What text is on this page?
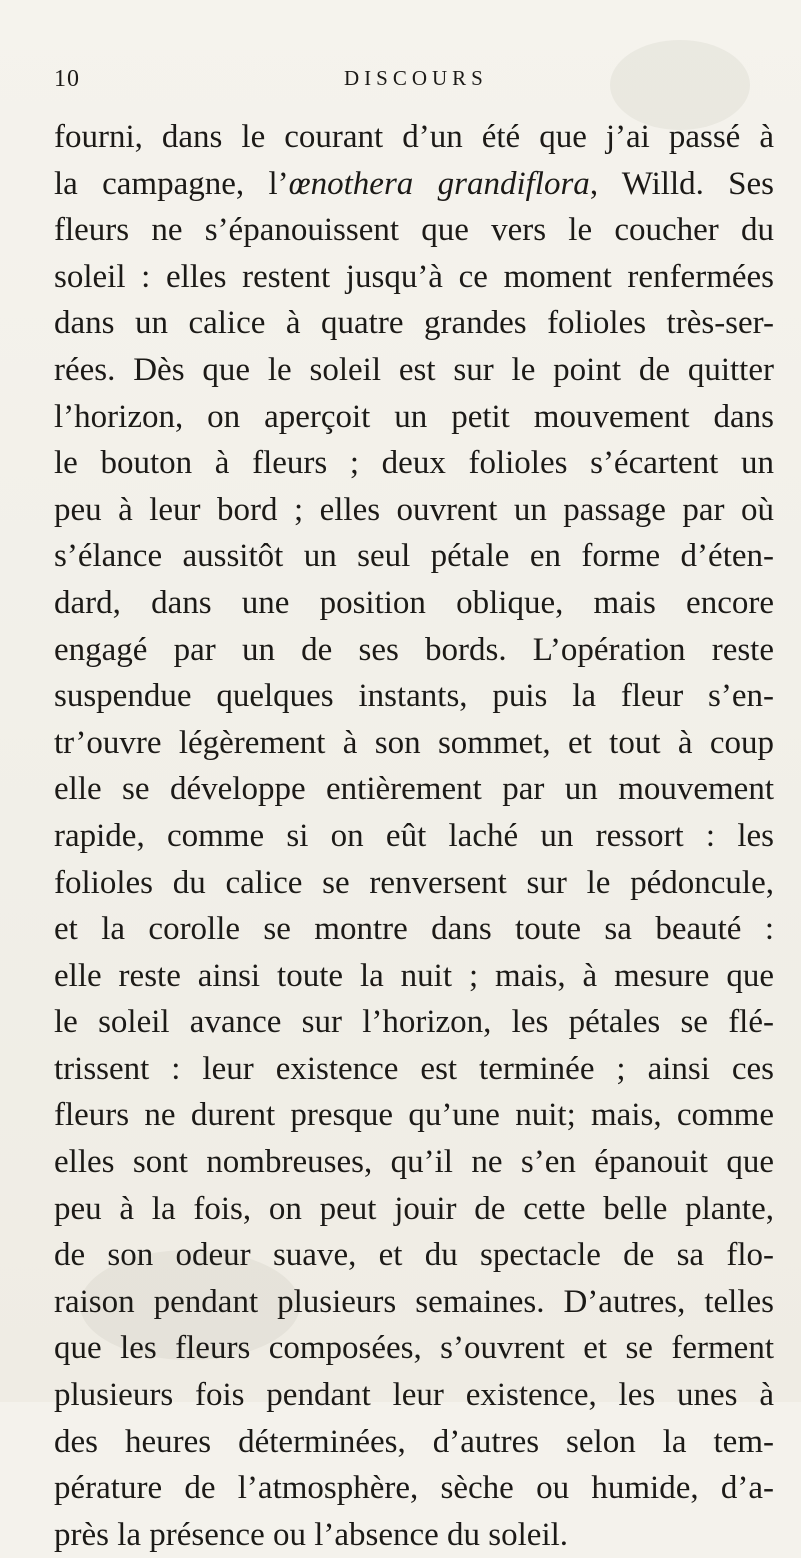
10	DISCOURS
fourni, dans le courant d’un été que j’ai passé à
la campagne, l’œnothera grandiflora, Willd. Ses
fleurs ne s’épanouissent que vers le coucher du
soleil : elles restent jusqu’à ce moment renfermées
dans un calice à quatre grandes folioles très-ser-
rées. Dès que le soleil est sur le point de quitter
l’horizon, on aperçoit un petit mouvement dans
le bouton à fleurs ; deux folioles s’écartent un
peu à leur bord ; elles ouvrent un passage par où
s’élance aussitôt un seul pétale en forme d’éten-
dard, dans une position oblique, mais encore
engagé par un de ses bords. L’opération reste
suspendue quelques instants, puis la fleur s’en-
tr’ouvre légèrement à son sommet, et tout à coup
elle se développe entièrement par un mouvement
rapide, comme si on eût laché un ressort : les
folioles du calice se renversent sur le pédoncule,
et la corolle se montre dans toute sa beauté :
elle reste ainsi toute la nuit ; mais, à mesure que
le soleil avance sur l’horizon, les pétales se flé-
trissent : leur existence est terminée ; ainsi ces
fleurs ne durent presque qu’une nuit; mais, comme
elles sont nombreuses, qu’il ne s’en épanouit que
peu à la fois, on peut jouir de cette belle plante,
de son odeur suave, et du spectacle de sa flo-
raison pendant plusieurs semaines. D’autres, telles
que les fleurs composées, s’ouvrent et se ferment
plusieurs fois pendant leur existence, les unes à
des heures déterminées, d’autres selon la tem-
pérature de l’atmosphère, sèche ou humide, d’a-
près la présence ou l’absence du soleil.
